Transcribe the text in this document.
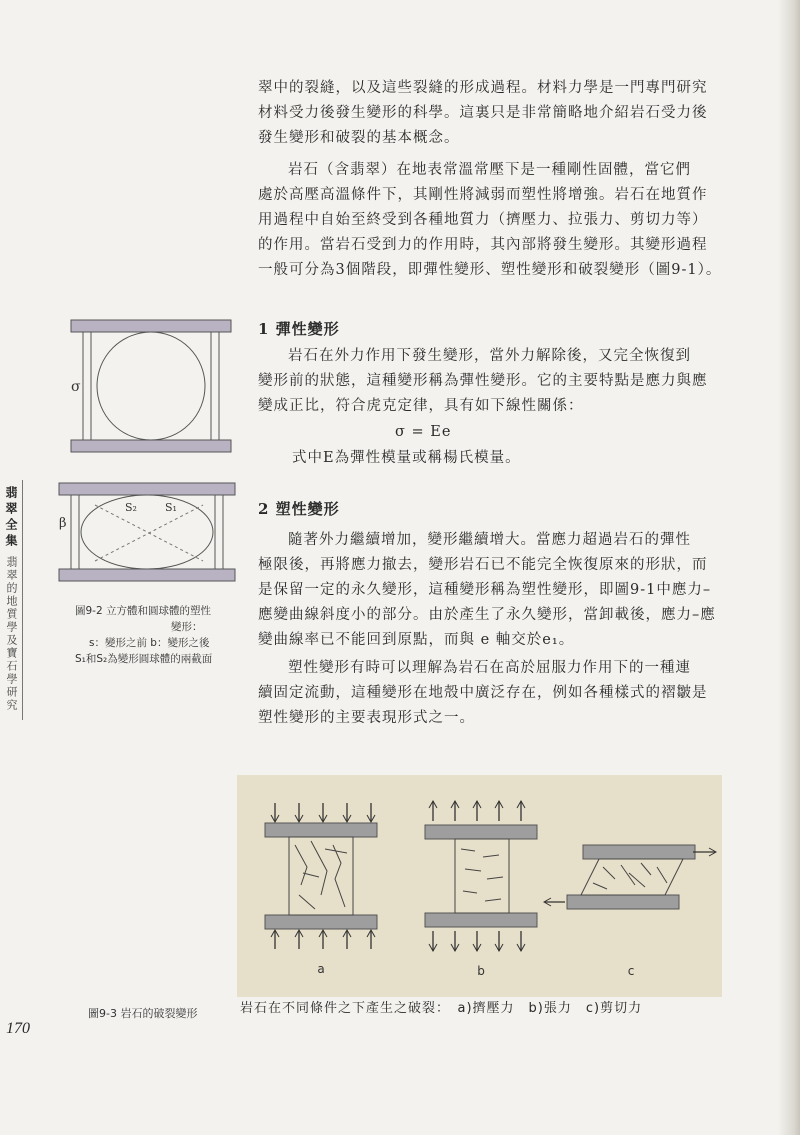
翡翠全集
翡翠的地質學及寶石學研究
翠中的裂縫，以及這些裂縫的形成過程。材料力學是一門專門研究
材料受力後發生變形的科學。這裏只是非常簡略地介紹岩石受力後
發生變形和破裂的基本概念。
岩石（含翡翠）在地表常溫常壓下是一種剛性固體，當它們
處於高壓高溫條件下，其剛性將減弱而塑性將增強。岩石在地質作
用過程中自始至終受到各種地質力（擠壓力、拉張力、剪切力等）
的作用。當岩石受到力的作用時，其內部將發生變形。其變形過程
一般可分為3個階段，即彈性變形、塑性變形和破裂變形（圖9-1）。
1 彈性變形
岩石在外力作用下發生變形，當外力解除後，又完全恢復到
變形前的狀態，這種變形稱為彈性變形。它的主要特點是應力與應
變成正比，符合虎克定律，具有如下線性關係：
σ = Ee
式中E為彈性模量或稱楊氏模量。
2 塑性變形
隨著外力繼續增加，變形繼續增大。當應力超過岩石的彈性
極限後，再將應力撤去，變形岩石已不能完全恢復原來的形狀，而
是保留一定的永久變形，這種變形稱為塑性變形，即圖9-1中應力–
應變曲線斜度小的部分。由於產生了永久變形，當卸載後，應力–應
變曲線率已不能回到原點，而與 e 軸交於e₁。
塑性變形有時可以理解為岩石在高於屈服力作用下的一種連
續固定流動，這種變形在地殼中廣泛存在，例如各種樣式的褶皺是
塑性變形的主要表現形式之一。
σ
β
S₂	S₁
圖9-2 立方體和圓球體的塑性
變形：
s：變形之前 b：變形之後
S₁和S₂為變形圓球體的兩截面
a	b	c
岩石在不同條件之下產生之破裂：　a)擠壓力　b)張力　c)剪切力
圖9-3 岩石的破裂變形
170
